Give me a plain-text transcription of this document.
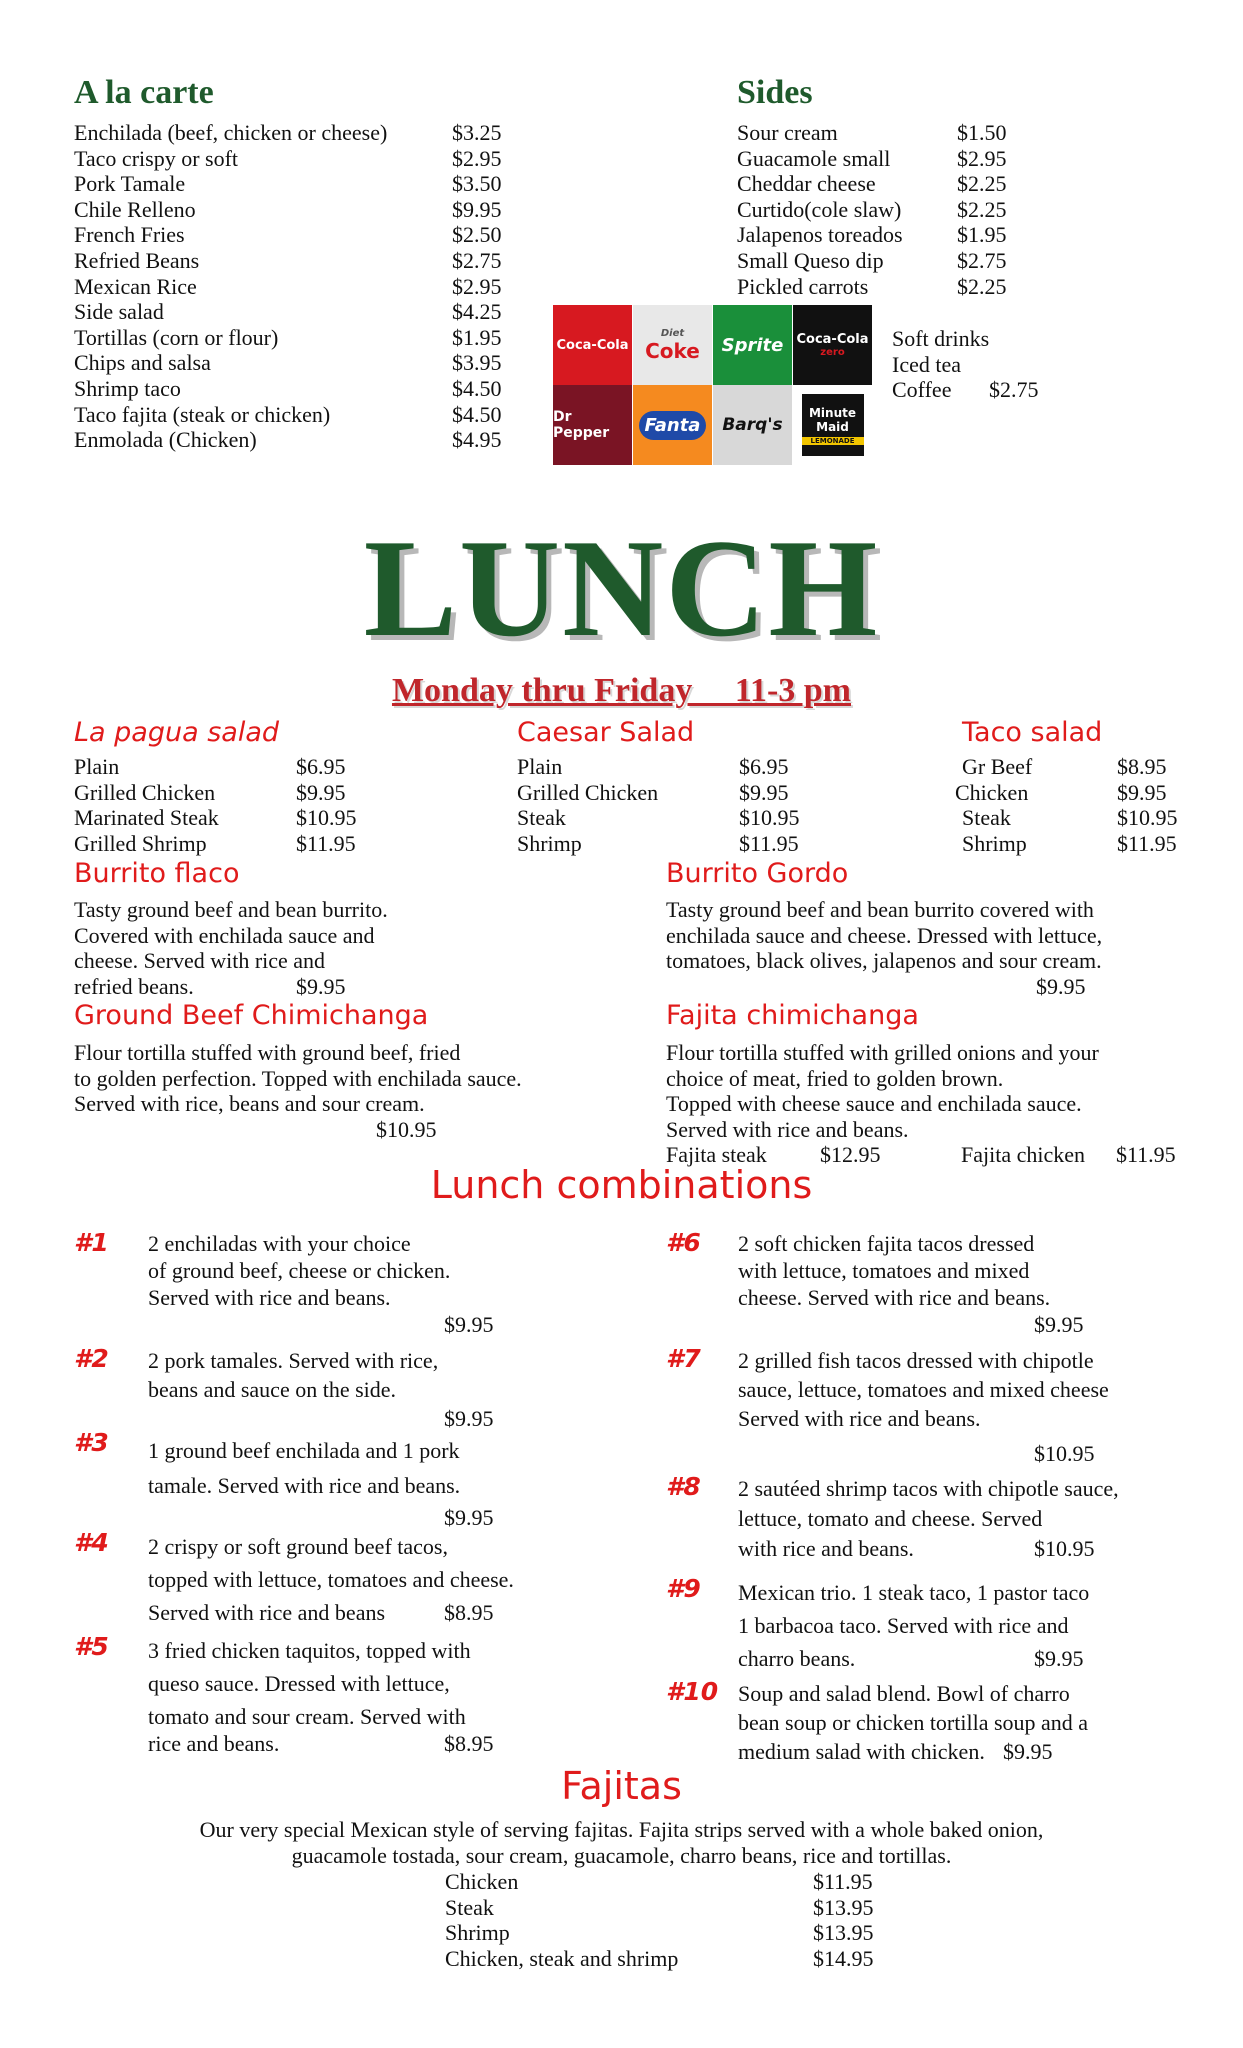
A la carte
Enchilada (beef, chicken or cheese)	$3.25
Taco crispy or soft	$2.95
Pork Tamale	$3.50
Chile Relleno	$9.95
French Fries	$2.50
Refried Beans	$2.75
Mexican Rice	$2.95
Side salad	$4.25
Tortillas (corn or flour)	$1.95
Chips and salsa	$3.95
Shrimp taco	$4.50
Taco fajita (steak or chicken)	$4.50
Enmolada (Chicken)	$4.95
Sides
Sour cream	$1.50
Guacamole small	$2.95
Cheddar cheese	$2.25
Curtido(cole slaw)	$2.25
Jalapenos toreados $1.95
Small Queso dip	$2.75
Pickled carrots	$2.25
Coca-Cola
Diet
Coke Sprite Coca-Cola
zero
Dr Pepper	Fanta	Barq's
Minute Maid
LEMONADE
Soft drinks
Iced tea
Coffee $2.75
LUNCH
Monday thru Friday     11-3 pm
La pagua salad
Plain	$6.95
Grilled Chicken	$9.95
Marinated Steak	$10.95
Grilled Shrimp	$11.95
Caesar Salad
Plain	$6.95
Grilled Chicken	$9.95
Steak	$10.95
Shrimp	$11.95
Taco salad
Gr Beef	$8.95
Chicken	$9.95
Steak	$10.95
Shrimp	$11.95
Burrito flaco
Tasty ground beef and bean burrito.
Covered with enchilada sauce and
cheese. Served with rice and
refried beans.	$9.95
Burrito Gordo
Tasty ground beef and bean burrito covered with
enchilada sauce and cheese. Dressed with lettuce,
tomatoes, black olives, jalapenos and sour cream.
$9.95
Ground Beef Chimichanga
Flour tortilla stuffed with ground beef, fried
to golden perfection. Topped with enchilada sauce.
Served with rice, beans and sour cream.
$10.95
Fajita chimichanga
Flour tortilla stuffed with grilled onions and your
choice of meat, fried to golden brown.
Topped with cheese sauce and enchilada sauce.
Served with rice and beans.
Fajita steak $12.95	Fajita chicken $11.95
Lunch combinations
#1 2 enchiladas with your choice
of ground beef, cheese or chicken.
Served with rice and beans.
$9.95
#2 2 pork tamales. Served with rice,
beans and sauce on the side.
$9.95
#3 1 ground beef enchilada and 1 pork
tamale. Served with rice and beans.
$9.95
#4 2 crispy or soft ground beef tacos,
topped with lettuce, tomatoes and cheese.
Served with rice and beans	$8.95
#5 3 fried chicken taquitos, topped with
queso sauce. Dressed with lettuce,
tomato and sour cream. Served with
rice and beans.	$8.95
#6 2 soft chicken fajita tacos dressed
with lettuce, tomatoes and mixed
cheese. Served with rice and beans.
$9.95
#7 2 grilled fish tacos dressed with chipotle
sauce, lettuce, tomatoes and mixed cheese
Served with rice and beans.
$10.95
#8 2 sautéed shrimp tacos with chipotle sauce,
lettuce, tomato and cheese. Served
with rice and beans.	$10.95
#9 Mexican trio. 1 steak taco, 1 pastor taco
1 barbacoa taco. Served with rice and
charro beans.	$9.95
#10 Soup and salad blend. Bowl of charro
bean soup or chicken tortilla soup and a
medium salad with chicken. $9.95
Fajitas
Our very special Mexican style of serving fajitas. Fajita strips served with a whole baked onion,
guacamole tostada, sour cream, guacamole, charro beans, rice and tortillas.
Chicken	$11.95
Steak	$13.95
Shrimp	$13.95
Chicken, steak and shrimp	$14.95
